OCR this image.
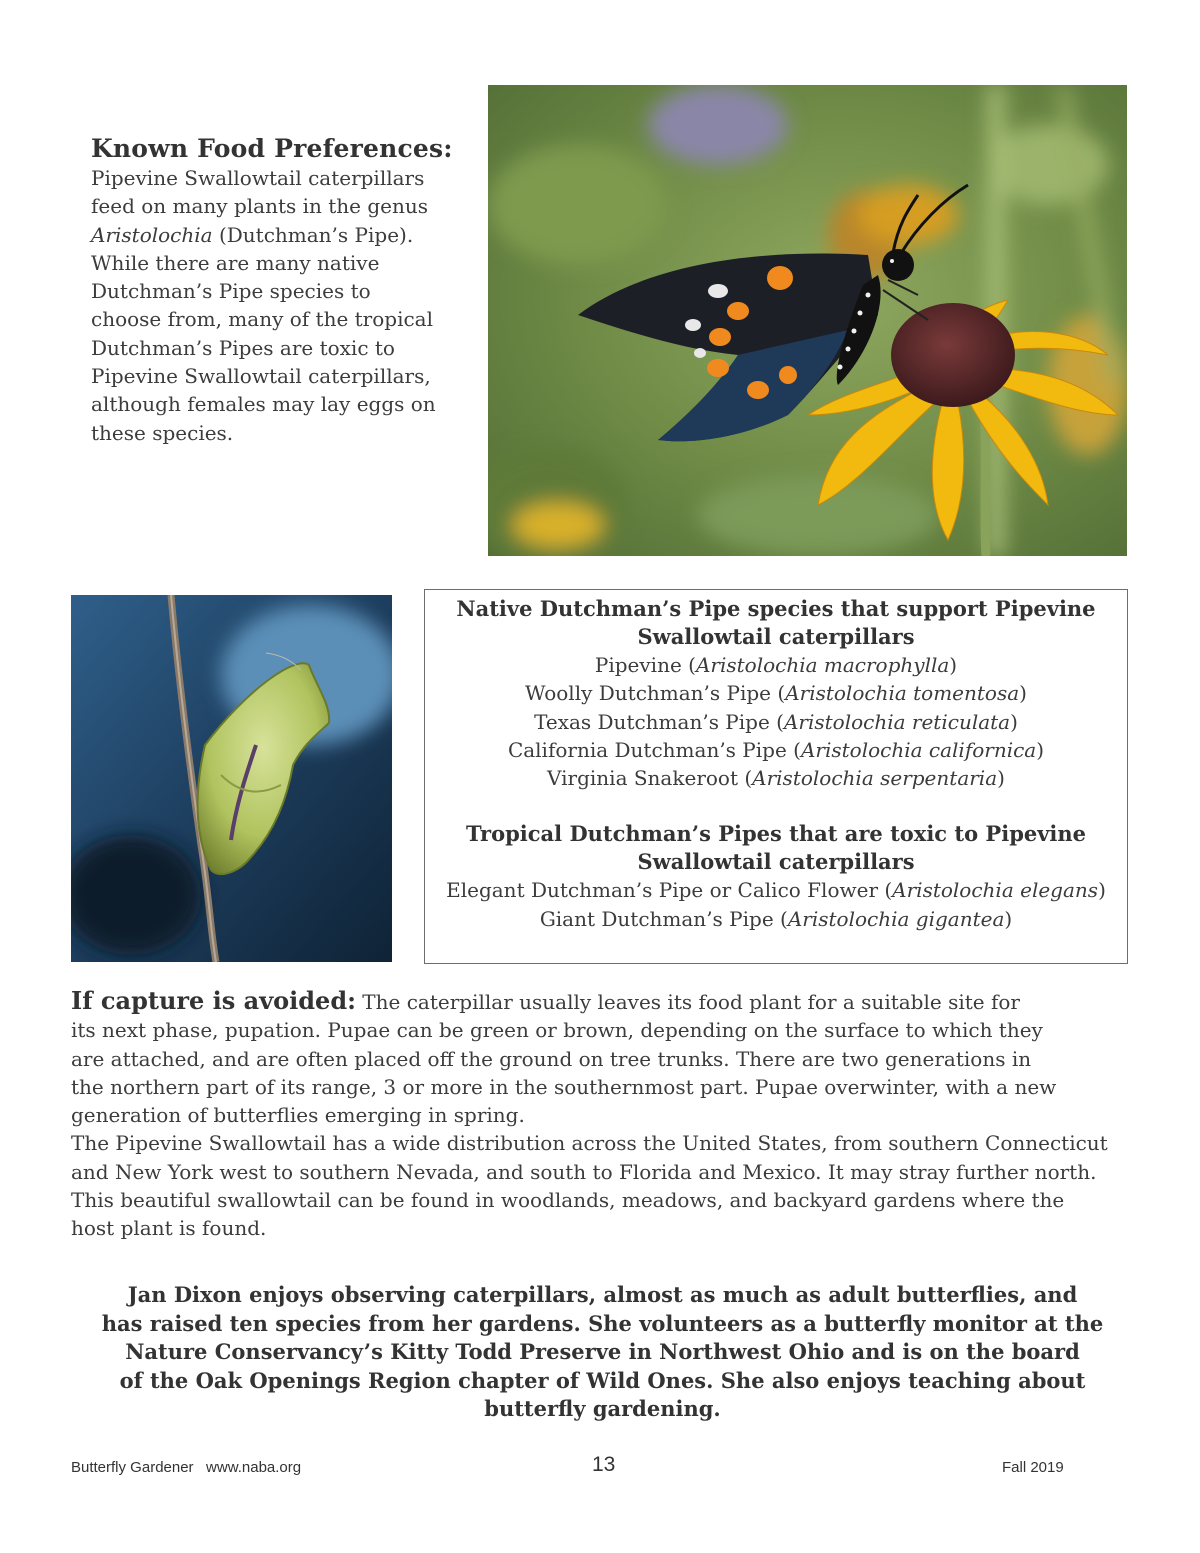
Known Food Preferences:

Pipevine Swallowtail caterpillars
feed on many plants in the genus
Aristolochia (Dutchman’s Pipe).
While there are many native
Dutchman’s Pipe species to
choose from, many of the tropical
Dutchman’s Pipes are toxic to
Pipevine Swallowtail caterpillars,
although females may lay eggs on
these species.

Native Dutchman’s Pipe species that support Pipevine

Swallowtail caterpillars

Pipevine (Aristolochia macrophylla)

Woolly Dutchman’s Pipe (Aristolochia tomentosa)

Texas Dutchman’s Pipe (Aristolochia reticulata)

California Dutchman’s Pipe (Aristolochia californica)

Virginia Snakeroot (Aristolochia serpentaria)

Tropical Dutchman’s Pipes that are toxic to Pipevine

Swallowtail caterpillars

Elegant Dutchman’s Pipe or Calico Flower (Aristolochia elegans)

Giant Dutchman’s Pipe (Aristolochia gigantea)

If capture is avoided: The caterpillar usually leaves its food plant for a suitable site for

its next phase, pupation. Pupae can be green or brown, depending on the surface to which they

are attached, and are often placed off the ground on tree trunks. There are two generations in

the northern part of its range, 3 or more in the southernmost part. Pupae overwinter, with a new

generation of butterflies emerging in spring.

The Pipevine Swallowtail has a wide distribution across the United States, from southern Connecticut

and New York west to southern Nevada, and south to Florida and Mexico. It may stray further north.

This beautiful swallowtail can be found in woodlands, meadows, and backyard gardens where the

host plant is found.

Jan Dixon enjoys observing caterpillars, almost as much as adult butterflies, and

has raised ten species from her gardens. She volunteers as a butterfly monitor at the

Nature Conservancy’s Kitty Todd Preserve in Northwest Ohio and is on the board

of the Oak Openings Region chapter of Wild Ones. She also enjoys teaching about

butterfly gardening.

Butterfly Gardener   www.naba.org	13	Fall 2019
